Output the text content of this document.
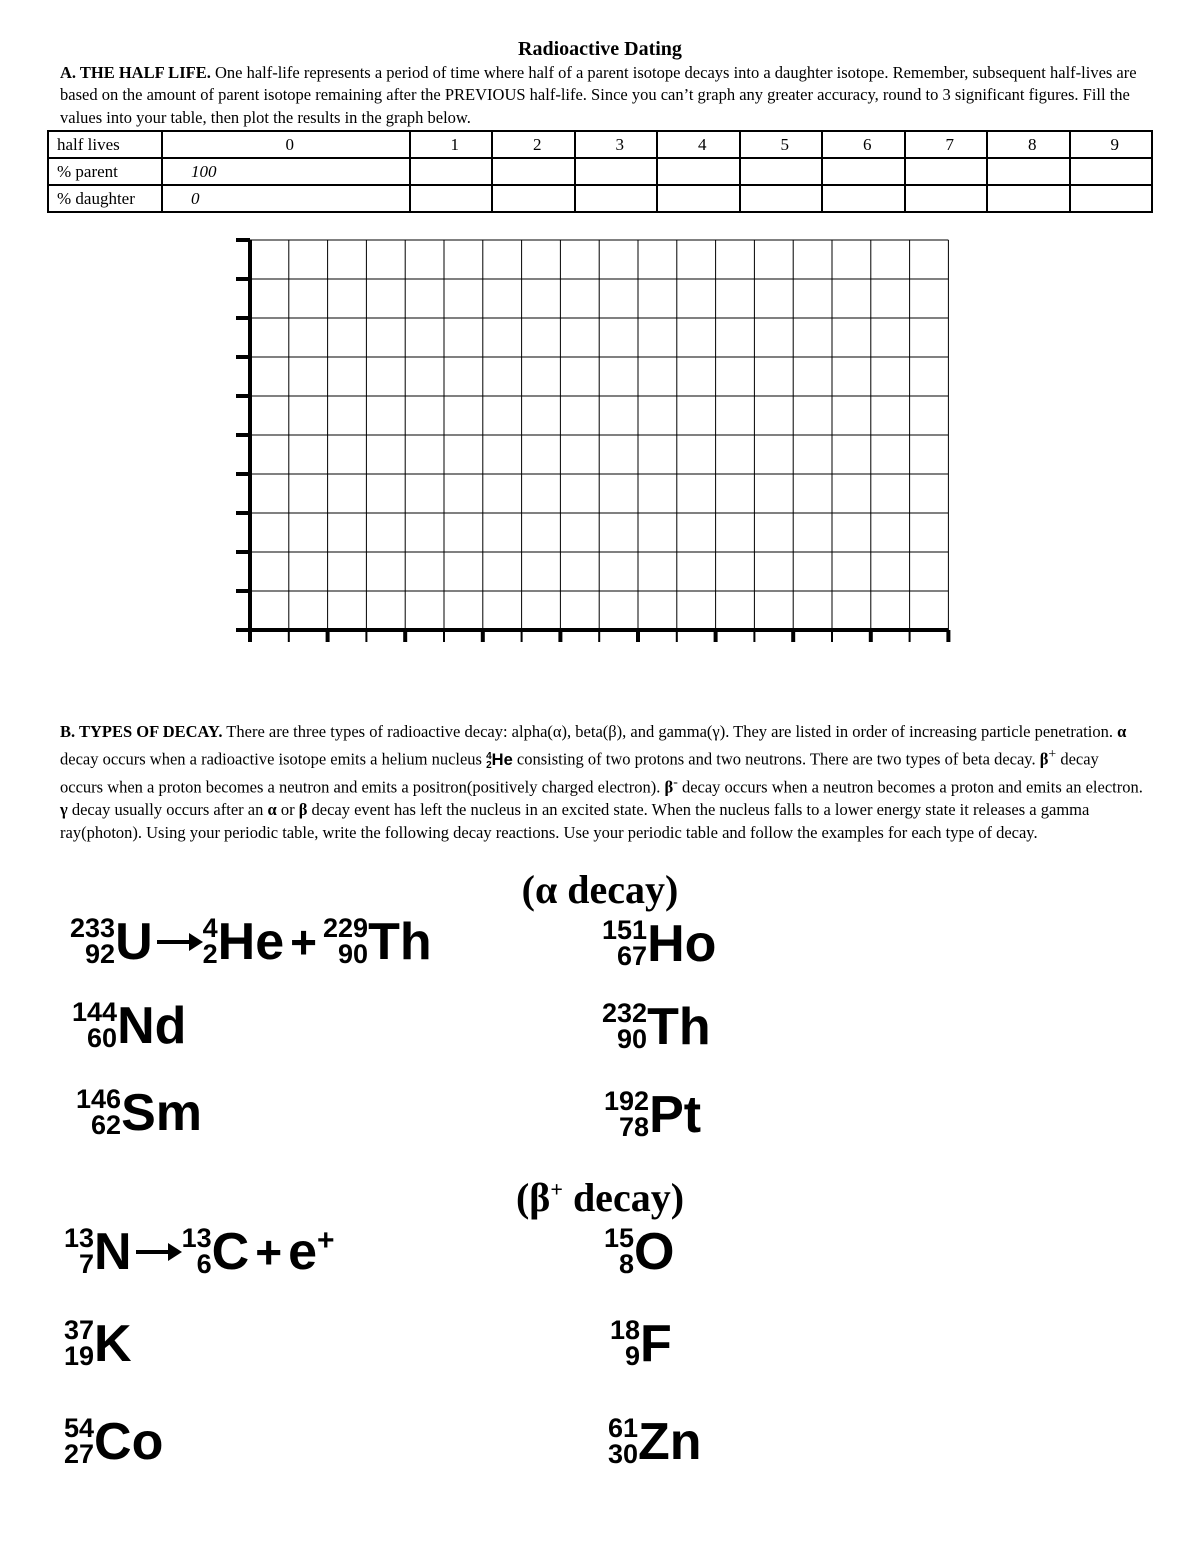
Radioactive Dating
A. THE HALF LIFE. One half-life represents a period of time where half of a parent isotope decays into a daughter isotope. Remember, subsequent half-lives are based on the amount of parent isotope remaining after the PREVIOUS half-life. Since you can’t graph any greater accuracy, round to 3 significant figures. Fill the values into your table, then plot the results in the graph below.
half lives	0	1	2	3	4	5	6	7	8	9
% parent	100									
% daughter	0									
B. TYPES OF DECAY. There are three types of radioactive decay: alpha(α), beta(β), and gamma(γ). They are listed in order of increasing particle penetration. α decay occurs when a radioactive isotope emits a helium nucleus 4
2 He consisting of two protons and two neutrons. There are two types of beta decay. β+ decay occurs when a proton becomes a neutron and emits a positron(positively charged electron). β- decay occurs when a neutron becomes a proton and emits an electron. γ decay usually occurs after an α or β decay event has left the nucleus in an excited state. When the nucleus falls to a lower energy state it releases a gamma ray(photon). Using your periodic table, write the following decay reactions. Use your periodic table and follow the examples for each type of decay.
(α decay)
233
92 U → 4
2 He + 229
90 Th	151
67 Ho
144
60 Nd	232
90 Th
146
62 Sm	192
78 Pt
(β+ decay)
13
7 N → 13
6 C + e+	15
8 O
37
19 K	18
9 F
54
27 Co	61
30 Zn
